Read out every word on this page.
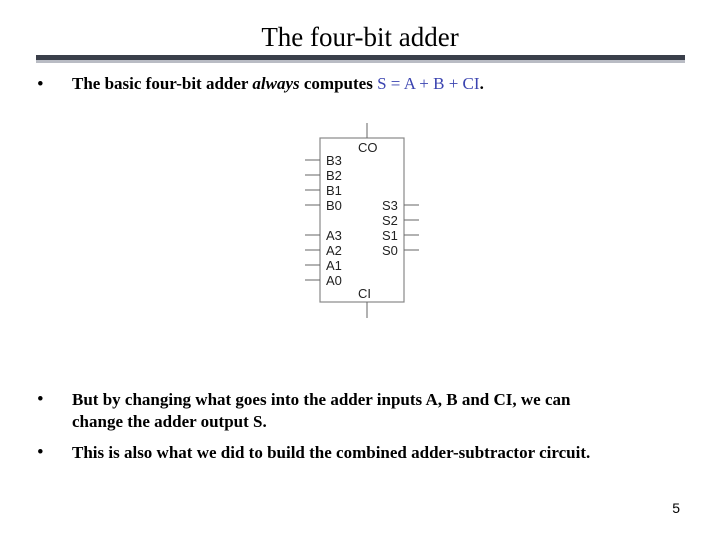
The four-bit adder
• The basic four-bit adder always computes S = A + B + CI.
CO
CI
B3
B2
B1
B0
A3
A2
A1
A0
S3
S2
S1
S0
• But by changing what goes into the adder inputs A, B and CI, we can
change the adder output S.
• This is also what we did to build the combined adder-subtractor circuit.
5
